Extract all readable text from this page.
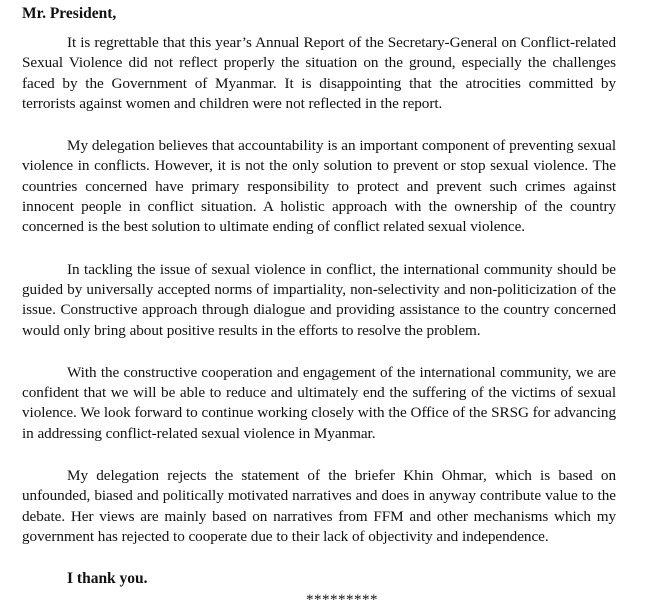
Mr. President,

It is regrettable that this year’s Annual Report of the Secretary-General on Conflict-related Sexual Violence did not reflect properly the situation on the ground, especially the challenges faced by the Government of Myanmar. It is disappointing that the atrocities committed by terrorists against women and children were not reflected in the report.

My delegation believes that accountability is an important component of preventing sexual violence in conflicts. However, it is not the only solution to prevent or stop sexual violence. The countries concerned have primary responsibility to protect and prevent such crimes against innocent people in conflict situation. A holistic approach with the ownership of the country concerned is the best solution to ultimate ending of conflict related sexual violence.

In tackling the issue of sexual violence in conflict, the international community should be guided by universally accepted norms of impartiality, non-selectivity and non-politicization of the issue. Constructive approach through dialogue and providing assistance to the country concerned would only bring about positive results in the efforts to resolve the problem.

With the constructive cooperation and engagement of the international community, we are confident that we will be able to reduce and ultimately end the suffering of the victims of sexual violence. We look forward to continue working closely with the Office of the SRSG for advancing in addressing conflict-related sexual violence in Myanmar.

My delegation rejects the statement of the briefer Khin Ohmar, which is based on unfounded, biased and politically motivated narratives and does in anyway contribute value to the debate. Her views are mainly based on narratives from FFM and other mechanisms which my government has rejected to cooperate due to their lack of objectivity and independence.

I thank you.

*********
